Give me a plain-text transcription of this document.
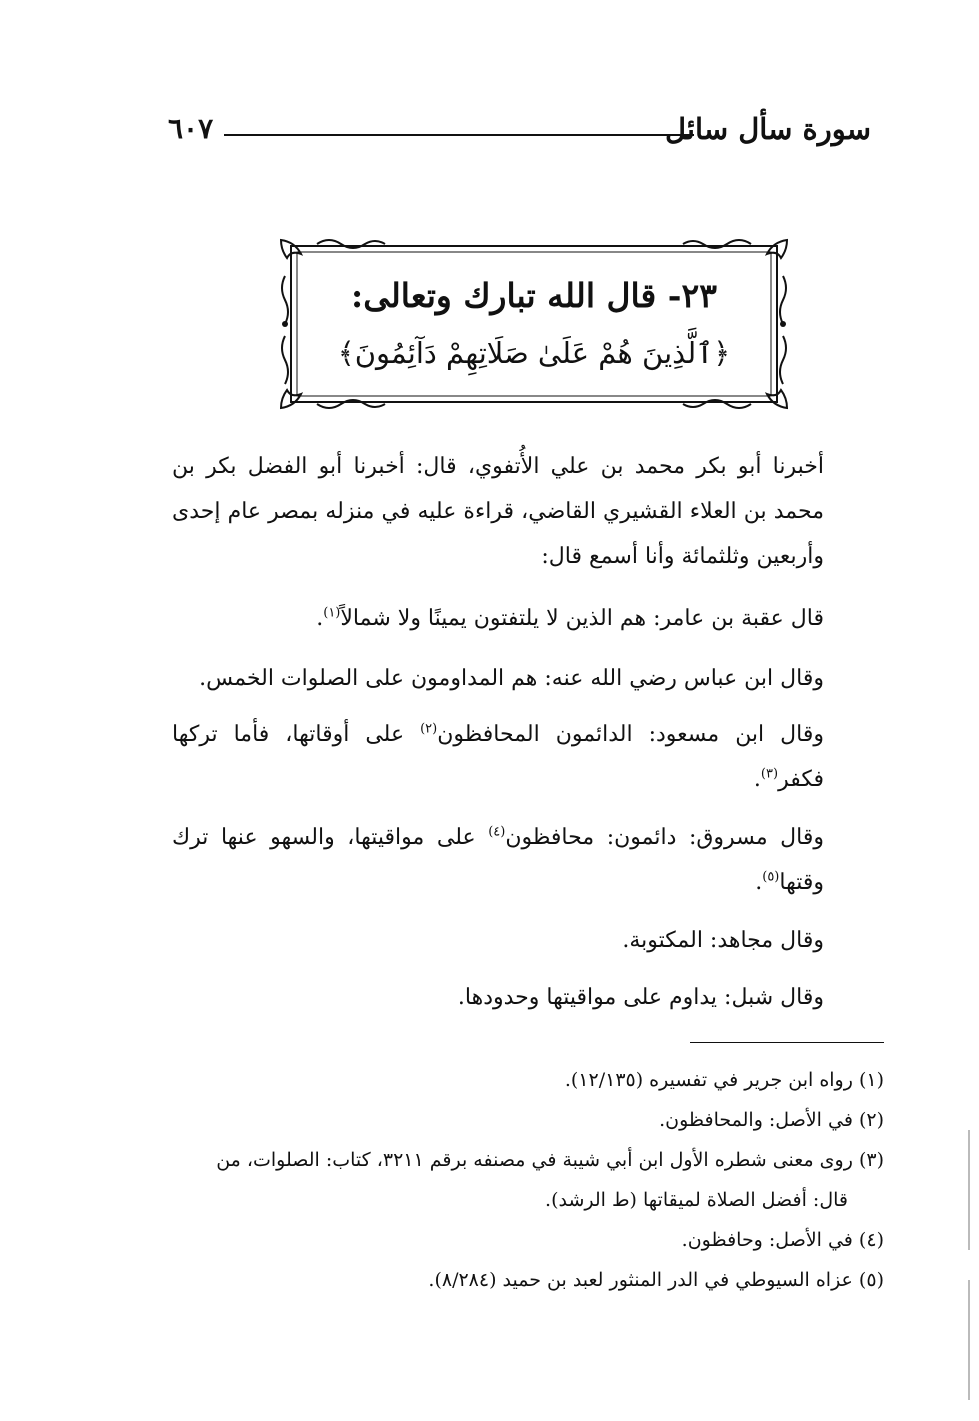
سورة سأل سائل
٦٠٧
٢٣- قال الله تبارك وتعالى:
﴿ٱلَّذِينَ هُمْ عَلَىٰ صَلَاتِهِمْ دَآئِمُونَ﴾

أخبرنا أبو بكر محمد بن علي الأُتفوي، قال: أخبرنا أبو الفضل بكر بن محمد بن العلاء القشيري القاضي، قراءة عليه في منزله بمصر عام إحدى وأربعين وثلثمائة وأنا أسمع قال:

قال عقبة بن عامر: هم الذين لا يلتفتون يمينًا ولا شمالاً$^{(١)}$.

وقال ابن عباس رضي الله عنه: هم المداومون على الصلوات الخمس.

وقال ابن مسعود: الدائمون المحافظون$^{(٢)}$ على أوقاتها، فأما تركها فكفر$^{(٣)}$.

وقال مسروق: دائمون: محافظون$^{(٤)}$ على مواقيتها، والسهو عنها ترك وقتها$^{(٥)}$.

وقال مجاهد: المكتوبة.

وقال شبل: يداوم على مواقيتها وحدودها.

(١) رواه ابن جرير في تفسيره (١٢/١٣٥).

(٢) في الأصل: والمحافظون.

(٣) روى معنى شطره الأول ابن أبي شيبة في مصنفه برقم ٣٢١١، كتاب: الصلوات، من

قال: أفضل الصلاة لميقاتها (ط الرشد).

(٤) في الأصل: وحافظون.

(٥) عزاه السيوطي في الدر المنثور لعبد بن حميد (٨/٢٨٤).
